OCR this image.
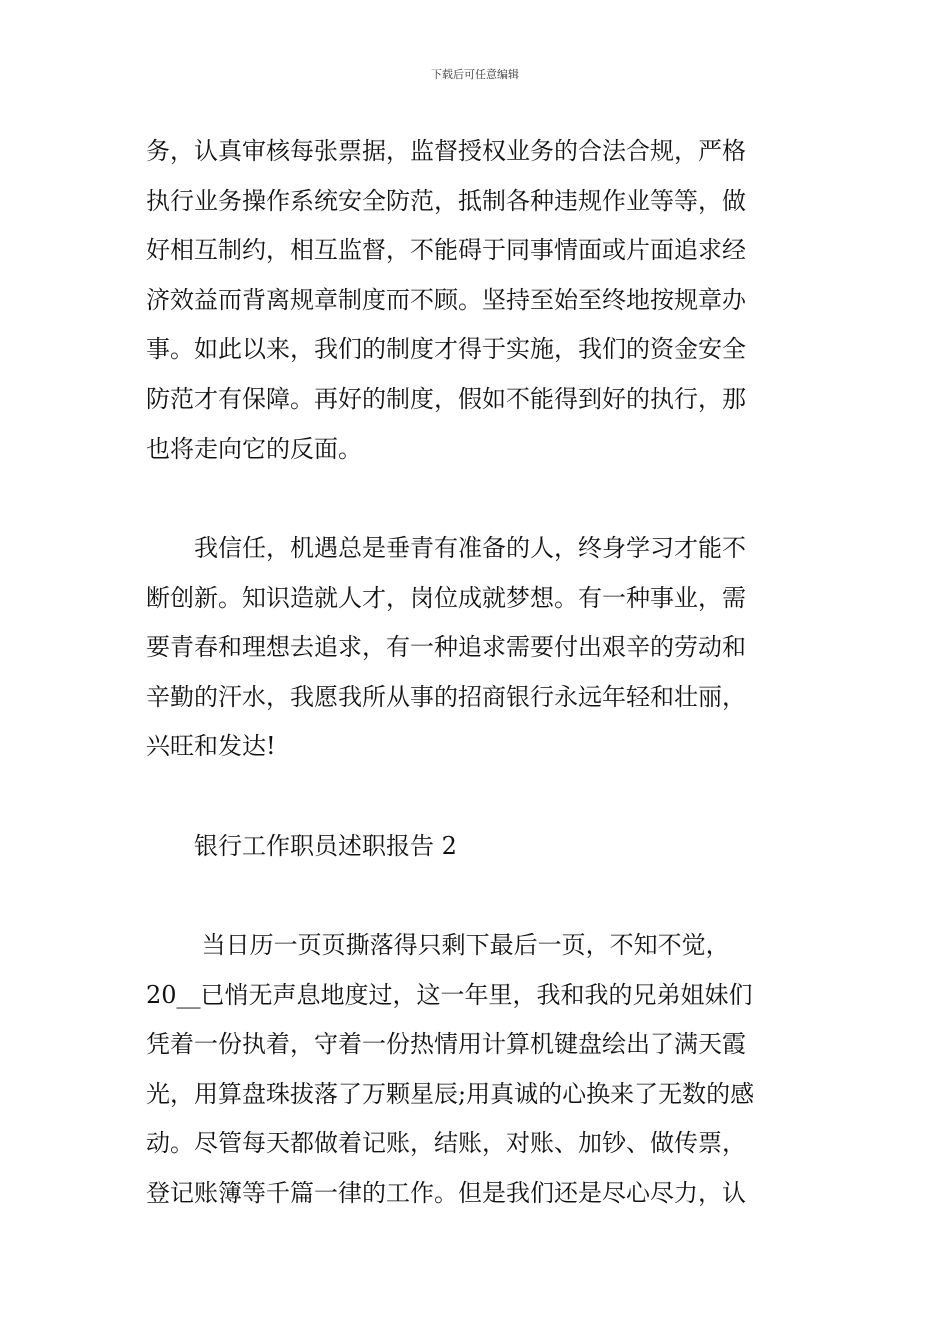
下载后可任意编辑
务，认真审核每张票据，监督授权业务的合法合规，严格
执行业务操作系统安全防范，抵制各种违规作业等等，做
好相互制约，相互监督，不能碍于同事情面或片面追求经
济效益而背离规章制度而不顾。坚持至始至终地按规章办
事。如此以来，我们的制度才得于实施，我们的资金安全
防范才有保障。再好的制度，假如不能得到好的执行，那
也将走向它的反面。
　　我信任，机遇总是垂青有准备的人，终身学习才能不
断创新。知识造就人才，岗位成就梦想。有一种事业，需
要青春和理想去追求，有一种追求需要付出艰辛的劳动和
辛勤的汗水，我愿我所从事的招商银行永远年轻和壮丽，
兴旺和发达!
　　银行工作职员述职报告 2
　　 当日历一页页撕落得只剩下最后一页，不知不觉，
20__已悄无声息地度过，这一年里，我和我的兄弟姐妹们
凭着一份执着，守着一份热情用计算机键盘绘出了满天霞
光，用算盘珠拔落了万颗星辰;用真诚的心换来了无数的感
动。尽管每天都做着记账，结账，对账、加钞、做传票，
登记账簿等千篇一律的工作。但是我们还是尽心尽力，认
